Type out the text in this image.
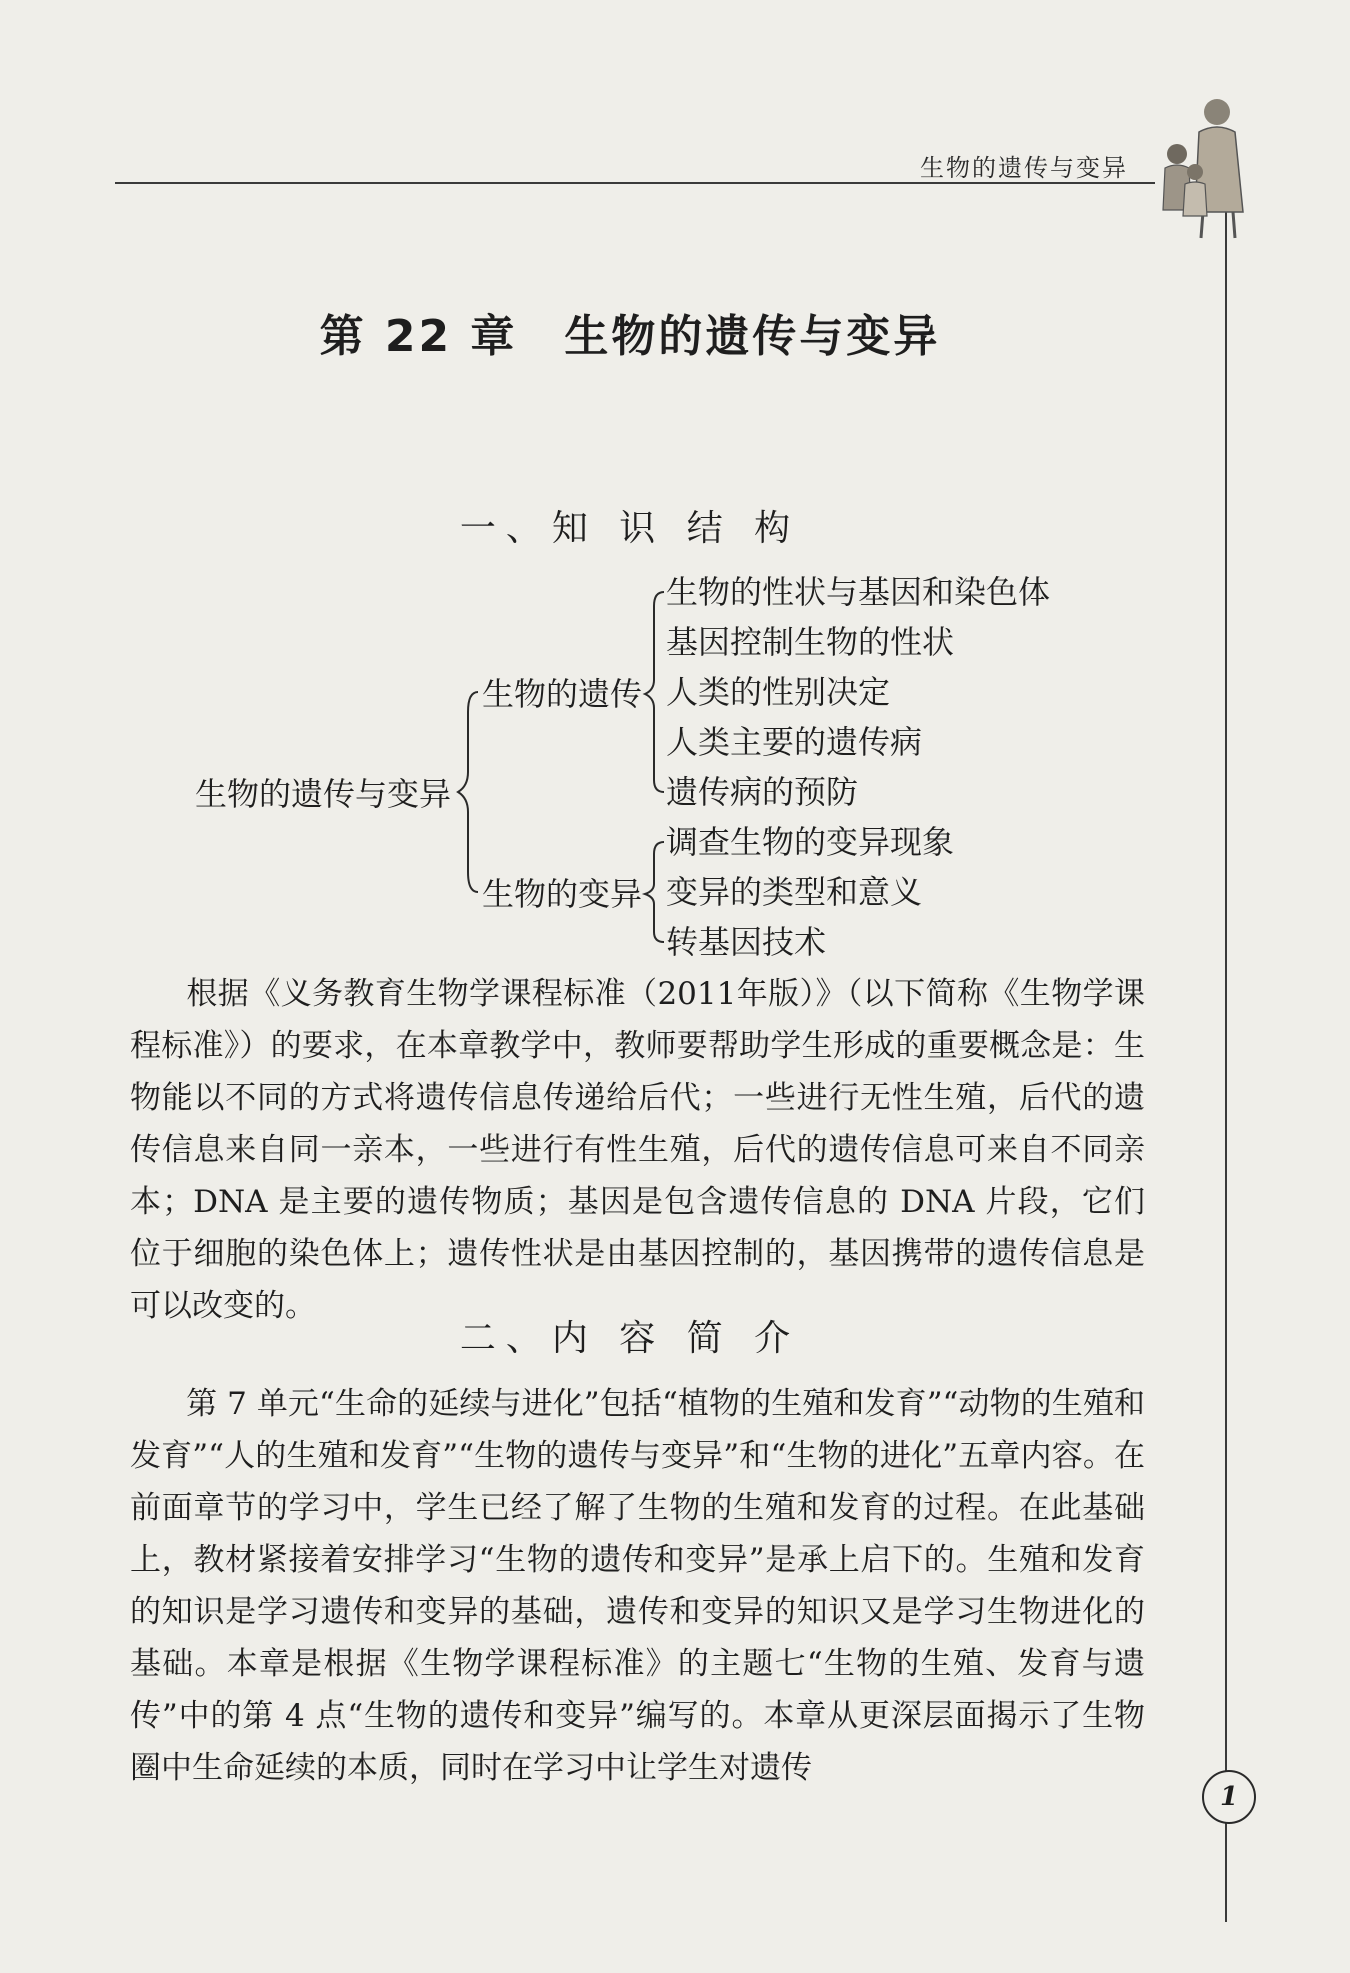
生物的遗传与变异
第 22 章　生物的遗传与变异
一、知 识 结 构
生物的遗传与变异
生物的遗传
生物的变异
生物的性状与基因和染色体
基因控制生物的性状
人类的性别决定
人类主要的遗传病
遗传病的预防
调查生物的变异现象
变异的类型和意义
转基因技术
根据《义务教育生物学课程标准（2011年版）》（以下简称《生物学课程标准》）的要求，在本章教学中，教师要帮助学生形成的重要概念是：生物能以不同的方式将遗传信息传递给后代；一些进行无性生殖，后代的遗传信息来自同一亲本，一些进行有性生殖，后代的遗传信息可来自不同亲本；DNA 是主要的遗传物质；基因是包含遗传信息的 DNA 片段，它们位于细胞的染色体上；遗传性状是由基因控制的，基因携带的遗传信息是可以改变的。
二、内 容 简 介
第 7 单元“生命的延续与进化”包括“植物的生殖和发育”“动物的生殖和发育”“人的生殖和发育”“生物的遗传与变异”和“生物的进化”五章内容。在前面章节的学习中，学生已经了解了生物的生殖和发育的过程。在此基础上，教材紧接着安排学习“生物的遗传和变异”是承上启下的。生殖和发育的知识是学习遗传和变异的基础，遗传和变异的知识又是学习生物进化的基础。本章是根据《生物学课程标准》的主题七“生物的生殖、发育与遗传”中的第 4 点“生物的遗传和变异”编写的。本章从更深层面揭示了生物圈中生命延续的本质，同时在学习中让学生对遗传
1
